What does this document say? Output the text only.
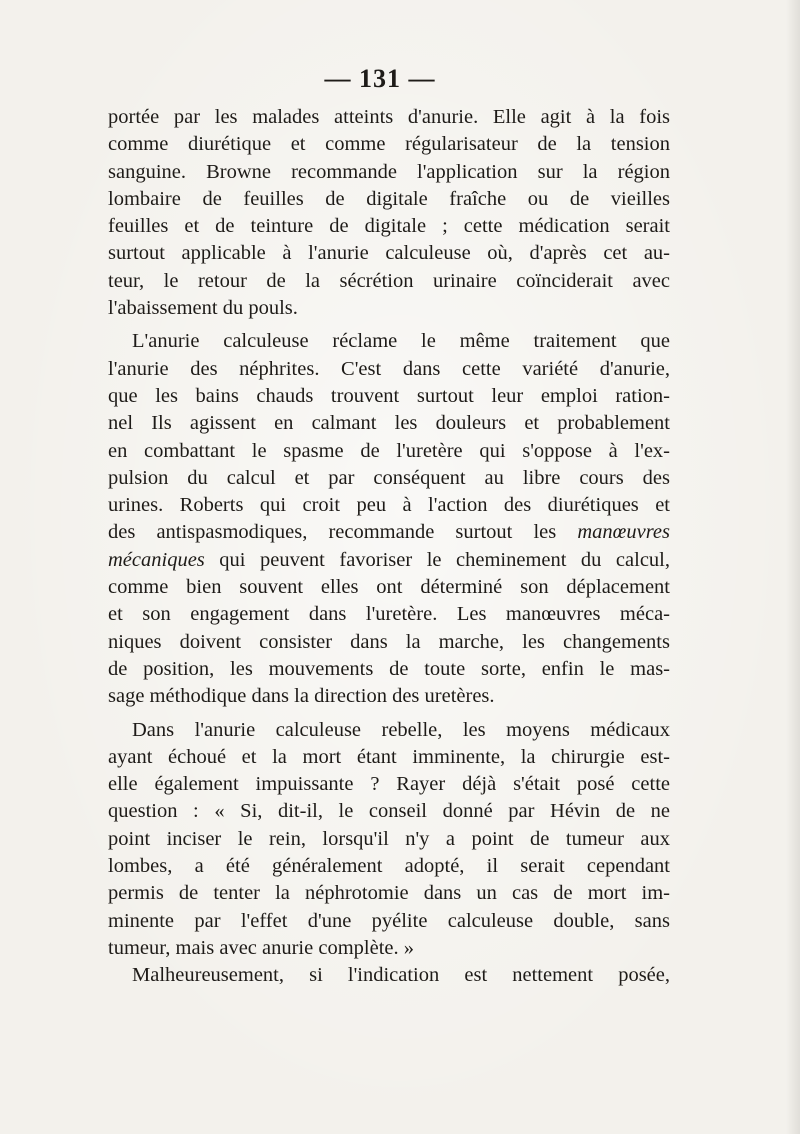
— 131 —
portée par les malades atteints d'anurie. Elle agit à la fois
comme diurétique et comme régularisateur de la tension
sanguine. Browne recommande l'application sur la région
lombaire de feuilles de digitale fraîche ou de vieilles
feuilles et de teinture de digitale ; cette médication serait
surtout applicable à l'anurie calculeuse où, d'après cet au-
teur, le retour de la sécrétion urinaire coïnciderait avec
l'abaissement du pouls.
L'anurie calculeuse réclame le même traitement que
l'anurie des néphrites. C'est dans cette variété d'anurie,
que les bains chauds trouvent surtout leur emploi ration-
nel Ils agissent en calmant les douleurs et probablement
en combattant le spasme de l'uretère qui s'oppose à l'ex-
pulsion du calcul et par conséquent au libre cours des
urines. Roberts qui croit peu à l'action des diurétiques et
des antispasmodiques, recommande surtout les manœuvres
mécaniques qui peuvent favoriser le cheminement du calcul,
comme bien souvent elles ont déterminé son déplacement
et son engagement dans l'uretère. Les manœuvres méca-
niques doivent consister dans la marche, les changements
de position, les mouvements de toute sorte, enfin le mas-
sage méthodique dans la direction des uretères.
Dans l'anurie calculeuse rebelle, les moyens médicaux
ayant échoué et la mort étant imminente, la chirurgie est-
elle également impuissante ? Rayer déjà s'était posé cette
question : « Si, dit-il, le conseil donné par Hévin de ne
point inciser le rein, lorsqu'il n'y a point de tumeur aux
lombes, a été généralement adopté, il serait cependant
permis de tenter la néphrotomie dans un cas de mort im-
minente par l'effet d'une pyélite calculeuse double, sans
tumeur, mais avec anurie complète. »
Malheureusement, si l'indication est nettement posée,
